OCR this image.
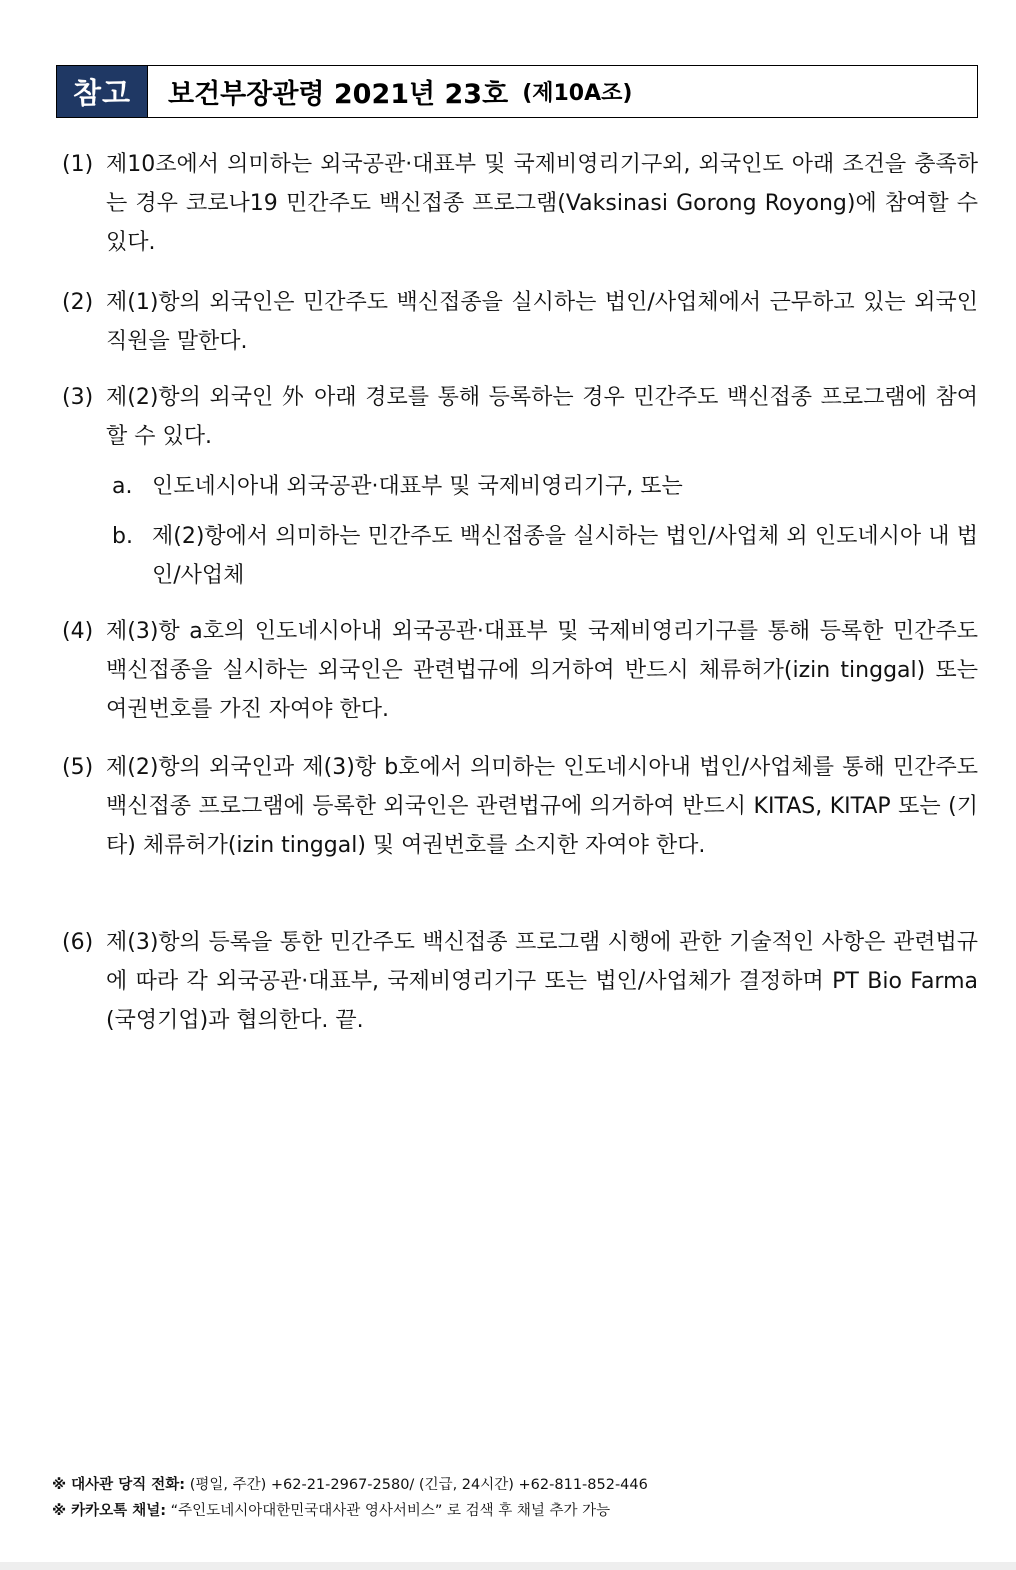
참고	보건부장관령 2021년 23호 (제10A조)
(1) 제10조에서 의미하는 외국공관·대표부 및 국제비영리기구외, 외국인도 아래 조건을 충족하는 경우 코로나19 민간주도 백신접종 프로그램(Vaksinasi Gorong Royong)에 참여할 수 있다.
(2) 제(1)항의 외국인은 민간주도 백신접종을 실시하는 법인/사업체에서 근무하고 있는 외국인 직원을 말한다.
(3) 제(2)항의 외국인 外 아래 경로를 통해 등록하는 경우 민간주도 백신접종 프로그램에 참여할 수 있다.
a. 인도네시아내 외국공관·대표부 및 국제비영리기구, 또는
b. 제(2)항에서 의미하는 민간주도 백신접종을 실시하는 법인/사업체 외 인도네시아 내 법인/사업체
(4) 제(3)항 a호의 인도네시아내 외국공관·대표부 및 국제비영리기구를 통해 등록한 민간주도 백신접종을 실시하는 외국인은 관련법규에 의거하여 반드시 체류허가(izin tinggal) 또는 여권번호를 가진 자여야 한다.
(5) 제(2)항의 외국인과 제(3)항 b호에서 의미하는 인도네시아내 법인/사업체를 통해 민간주도 백신접종 프로그램에 등록한 외국인은 관련법규에 의거하여 반드시 KITAS, KITAP 또는 (기타) 체류허가(izin tinggal) 및 여권번호를 소지한 자여야 한다.
(6) 제(3)항의 등록을 통한 민간주도 백신접종 프로그램 시행에 관한 기술적인 사항은 관련법규에 따라 각 외국공관·대표부, 국제비영리기구 또는 법인/사업체가 결정하며 PT Bio Farma (국영기업)과 협의한다. 끝.
※ 대사관 당직 전화: (평일, 주간) +62-21-2967-2580/ (긴급, 24시간) +62-811-852-446
※ 카카오톡 채널: “주인도네시아대한민국대사관 영사서비스” 로 검색 후 채널 추가 가능
